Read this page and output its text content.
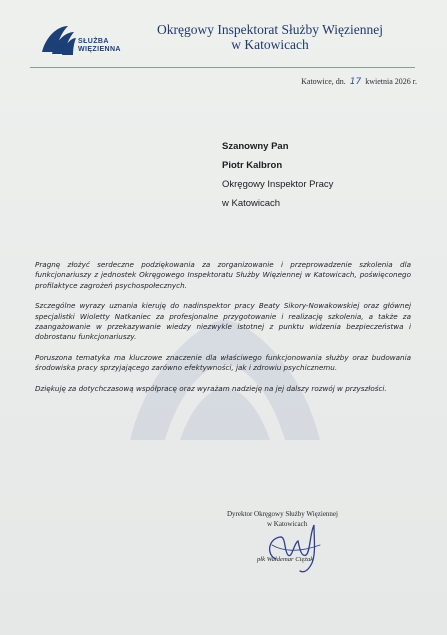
SŁUŻBA
WIĘZIENNA
Okręgowy Inspektorat Służby Więziennej
w Katowicach
Katowice, dn. 17 kwietnia 2026 r.
Szanowny Pan
Piotr Kalbron
Okręgowy Inspektor Pracy
w Katowicach

Pragnę złożyć serdeczne podziękowania za zorganizowanie i przeprowadzenie szkolenia dla funkcjonariuszy z jednostek Okręgowego Inspektoratu Służby Więziennej w Katowicach, poświęconego profilaktyce zagrożeń psychospołecznych.

Szczególne wyrazy uznania kieruję do nadinspektor pracy Beaty Sikory-Nowakowskiej oraz głównej specjalistki Wioletty Natkaniec za profesjonalne przygotowanie i realizację szkolenia, a także za zaangażowanie w przekazywanie wiedzy niezwykle istotnej z punktu widzenia bezpieczeństwa i dobrostanu funkcjonariuszy.

Poruszona tematyka ma kluczowe znaczenie dla właściwego funkcjonowania służby oraz budowania środowiska pracy sprzyjającego zarówno efektywności, jak i zdrowiu psychicznemu.

Dziękuję za dotychczasową współpracę oraz wyrażam nadzieję na jej dalszy rozwój w przyszłości.

Dyrektor Okręgowy Służby Więziennej
w Katowicach
płk Waldemar Ciężak
